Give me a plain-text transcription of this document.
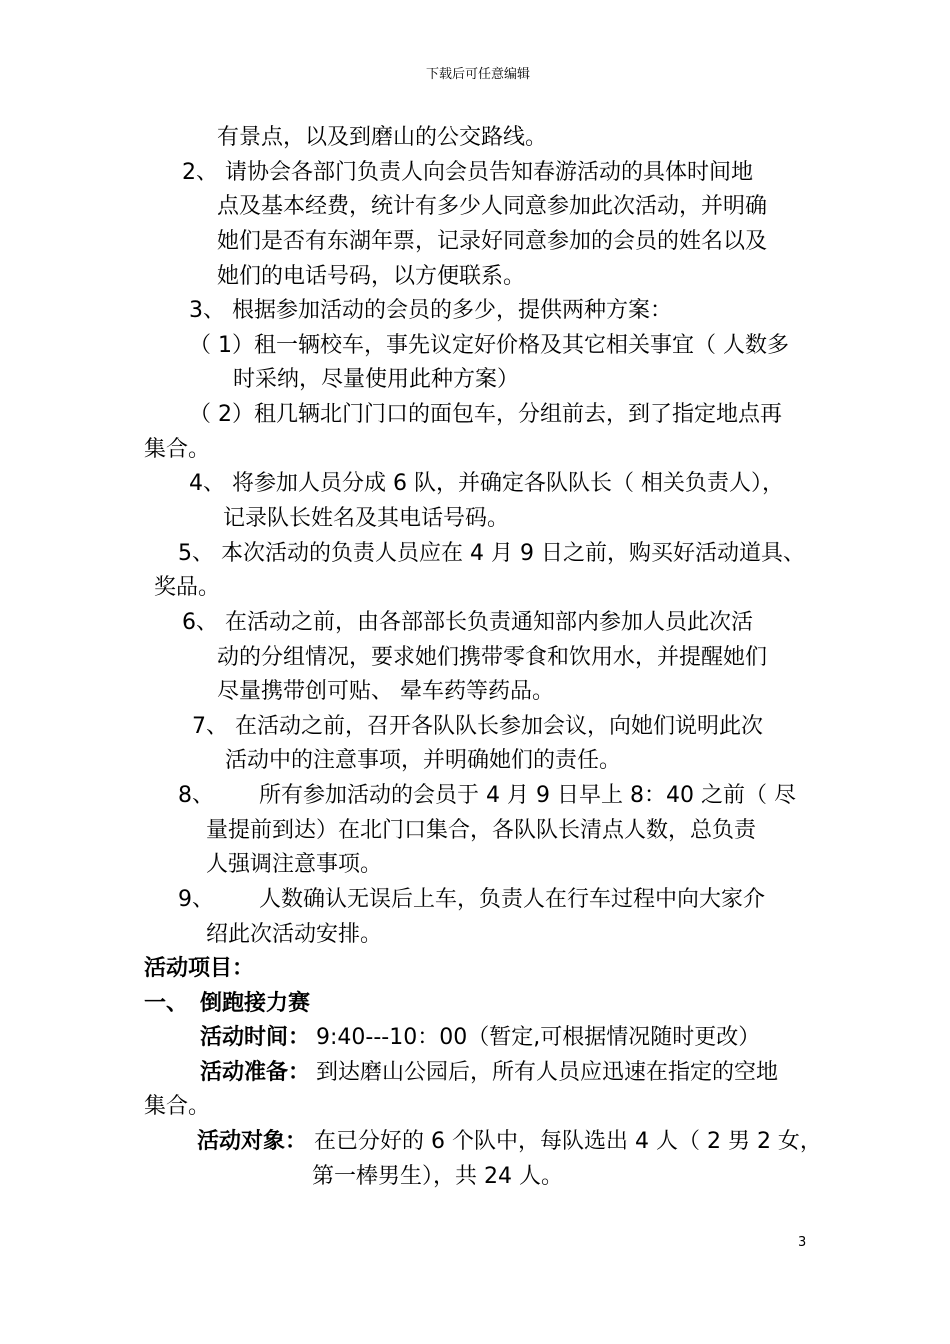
下载后可任意编辑
有景点，以及到磨山的公交路线。
2、 请协会各部门负责人向会员告知春游活动的具体时间地
点及基本经费，统计有多少人同意参加此次活动，并明确
她们是否有东湖年票，记录好同意参加的会员的姓名以及
她们的电话号码，以方便联系。
3、 根据参加活动的会员的多少，提供两种方案：
（ 1）租一辆校车，事先议定好价格及其它相关事宜（ 人数多
时采纳，尽量使用此种方案）
（ 2）租几辆北门门口的面包车，分组前去，到了指定地点再
集合。
4、 将参加人员分成 6 队，并确定各队队长（ 相关负责人），
记录队长姓名及其电话号码。
5、 本次活动的负责人员应在 4 月 9 日之前，购买好活动道具、
奖品。
6、 在活动之前，由各部部长负责通知部内参加人员此次活
动的分组情况，要求她们携带零食和饮用水，并提醒她们
尽量携带创可贴、 晕车药等药品。
7、 在活动之前，召开各队队长参加会议，向她们说明此次
活动中的注意事项，并明确她们的责任。
8、 所有参加活动的会员于 4 月 9 日早上 8：40 之前（ 尽
量提前到达）在北门口集合，各队队长清点人数，总负责
人强调注意事项。
9、 人数确认无误后上车，负责人在行车过程中向大家介
绍此次活动安排。
活动项目：
一、 倒跑接力赛
活动时间： 9:40---10：00（暂定,可根据情况随时更改）
活动准备： 到达磨山公园后，所有人员应迅速在指定的空地
集合。
活动对象： 在已分好的 6 个队中，每队选出 4 人（ 2 男 2 女，
第一棒男生），共 24 人。
3
